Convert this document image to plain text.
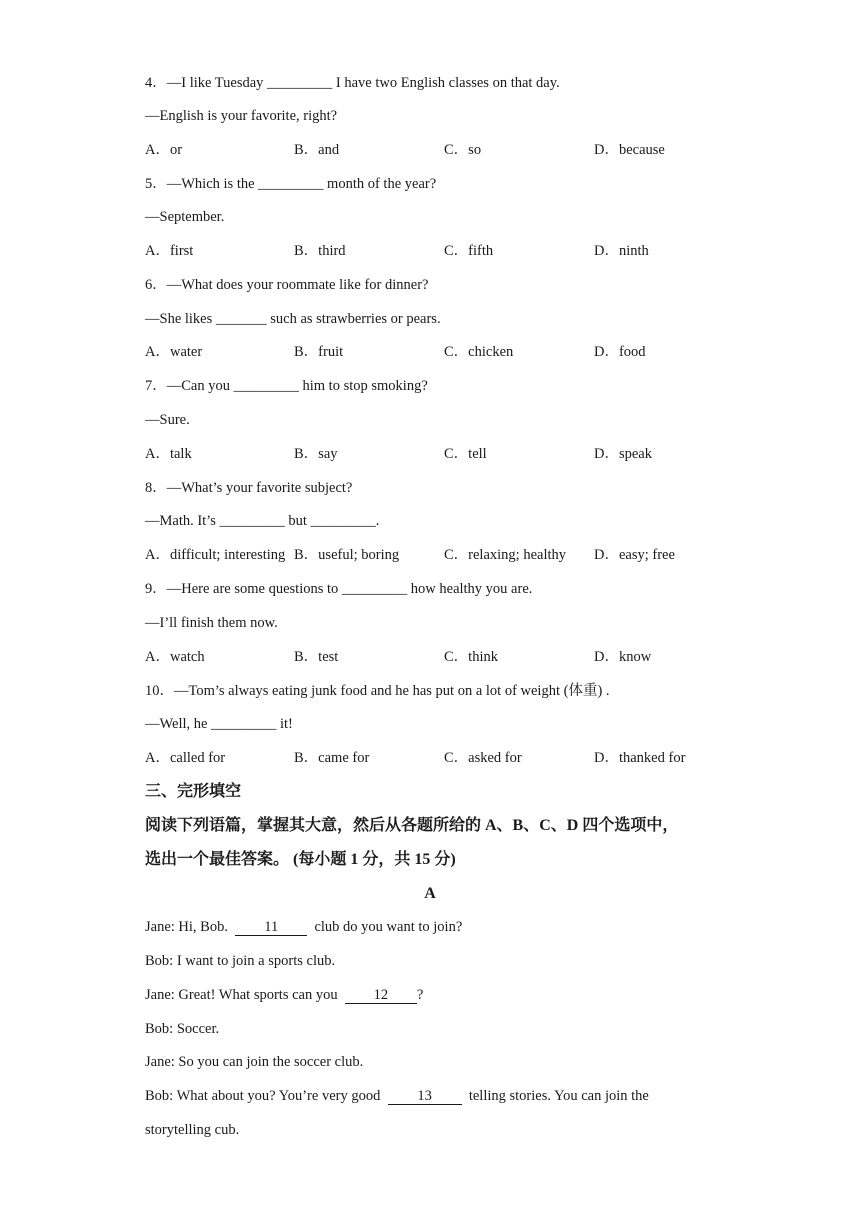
4．—I like Tuesday _________ I have two English classes on that day.
—English is your favorite, right?
A．or	B．and	C．so	D．because
5．—Which is the _________ month of the year?
—September.
A．first	B．third	C．fifth	D．ninth
6．—What does your roommate like for dinner?
—She likes _______ such as strawberries or pears.
A．water	B．fruit	C．chicken	D．food
7．—Can you _________ him to stop smoking?
—Sure.
A．talk	B．say	C．tell	D．speak
8．—What’s your favorite subject?
—Math. It’s _________ but _________.
A．difficult; interesting B．useful; boring	C．relaxing; healthy D．easy; free
9．—Here are some questions to _________ how healthy you are.
—I’ll finish them now.
A．watch	B．test	C．think	D．know
10．—Tom’s always eating junk food and he has put on a lot of weight (体重) .
—Well, he _________ it!
A．called for	B．came for	C．asked for	D．thanked for
三、完形填空
阅读下列语篇，掌握其大意，然后从各题所给的 A、B、C、D 四个选项中，
选出一个最佳答案。 (每小题 1 分，共 15 分)
A
Jane: Hi, Bob.  11  club do you want to join?
Bob: I want to join a sports club.
Jane: Great! What sports can you  12 ?
Bob: Soccer.
Jane: So you can join the soccer club.
Bob: What about you? You’re very good  13  telling stories. You can join the
storytelling cub.
